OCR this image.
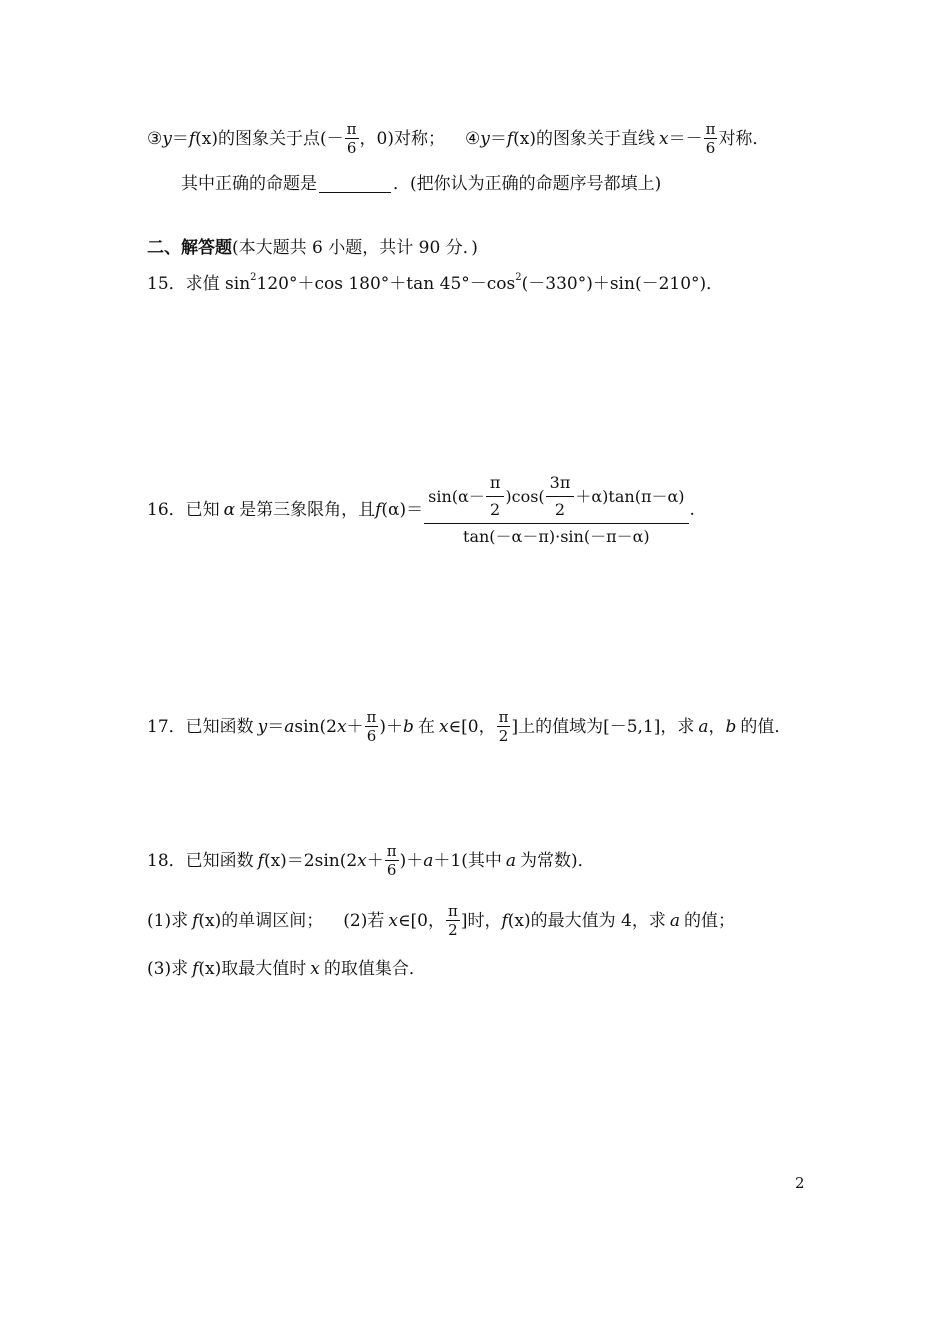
③ y ＝ f (x) 的图象关于点(－ $\frac{\pi}{6}$ ，0)对称； ④ y ＝ f (x) 的图象关于直线 $x =- \frac{\pi}{6}$ 对称．
其中正确的命题是	．(把你认为正确的命题序号都填上)
二、解答题 (本大题共 6 小题，共计 90 分．)
15．求值 sin 2 120°＋cos 180°＋tan 45°－cos 2 (－330°)＋sin(－210°)．
16．已知 α 是第三象限角，且 f (α)＝
$\sin(\alpha- \frac{\pi}{2} )\cos( \frac{3\pi}{2} +\alpha)\tan(\pi-\alpha)$
tan(－α－π)·sin(－π－α)
.
17．已知函数 y ＝ a sin(2 $x + \frac{\pi}{6}$ )＋ b 在 x ∈[0， $\frac{\pi}{2}$ ]上的值域为[－5,1]，求 a ， b 的值．
18．已知函数 f (x) ＝2sin(2 $x + \frac{\pi}{6}$ )＋ a ＋1(其中 a 为常数)．
(1)求 f (x) 的单调区间； (2)若 x ∈[0， $\frac{\pi}{2}$ ]时， f (x) 的最大值为 4，求 a 的值；
(3)求 f (x) 取最大值时 x 的取值集合．
2
